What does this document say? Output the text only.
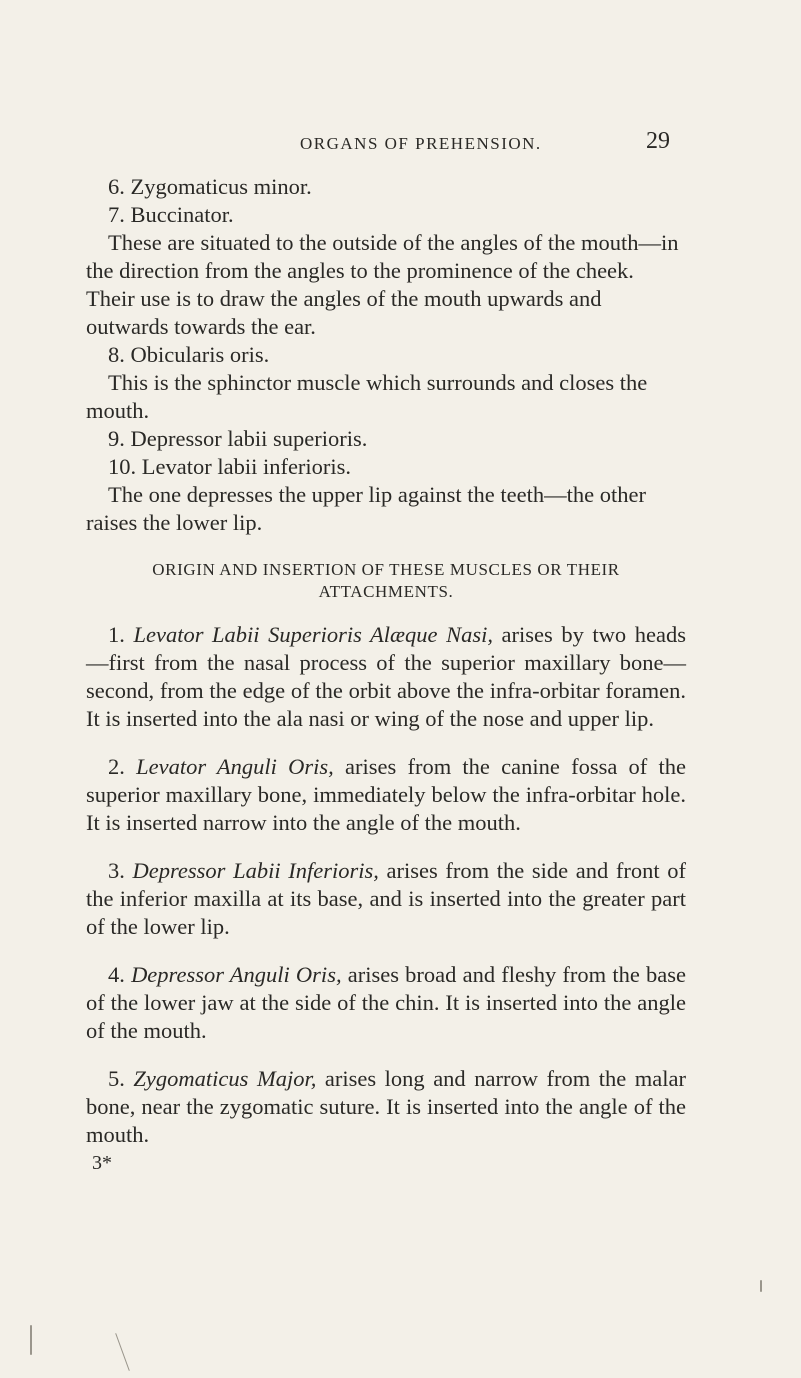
ORGANS OF PREHENSION.	29

6. Zygomaticus minor.

7. Buccinator.

These are situated to the outside of the angles of the mouth—in the direction from the angles to the prominence of the cheek. Their use is to draw the angles of the mouth upwards and outwards towards the ear.

8. Obicularis oris.

This is the sphinctor muscle which surrounds and closes the mouth.

9. Depressor labii superioris.

10. Levator labii inferioris.

The one depresses the upper lip against the teeth—the other raises the lower lip.

ORIGIN AND INSERTION OF THESE MUSCLES OR THEIR ATTACHMENTS.

1. Levator Labii Superioris Alæque Nasi, arises by two heads —first from the nasal process of the superior maxillary bone—second, from the edge of the orbit above the infra-orbitar foramen. It is inserted into the ala nasi or wing of the nose and upper lip.

2. Levator Anguli Oris, arises from the canine fossa of the superior maxillary bone, immediately below the infra-orbitar hole. It is inserted narrow into the angle of the mouth.

3. Depressor Labii Inferioris, arises from the side and front of the inferior maxilla at its base, and is inserted into the greater part of the lower lip.

4. Depressor Anguli Oris, arises broad and fleshy from the base of the lower jaw at the side of the chin. It is inserted into the angle of the mouth.

5. Zygomaticus Major, arises long and narrow from the malar bone, near the zygomatic suture. It is inserted into the angle of the mouth.

3*
